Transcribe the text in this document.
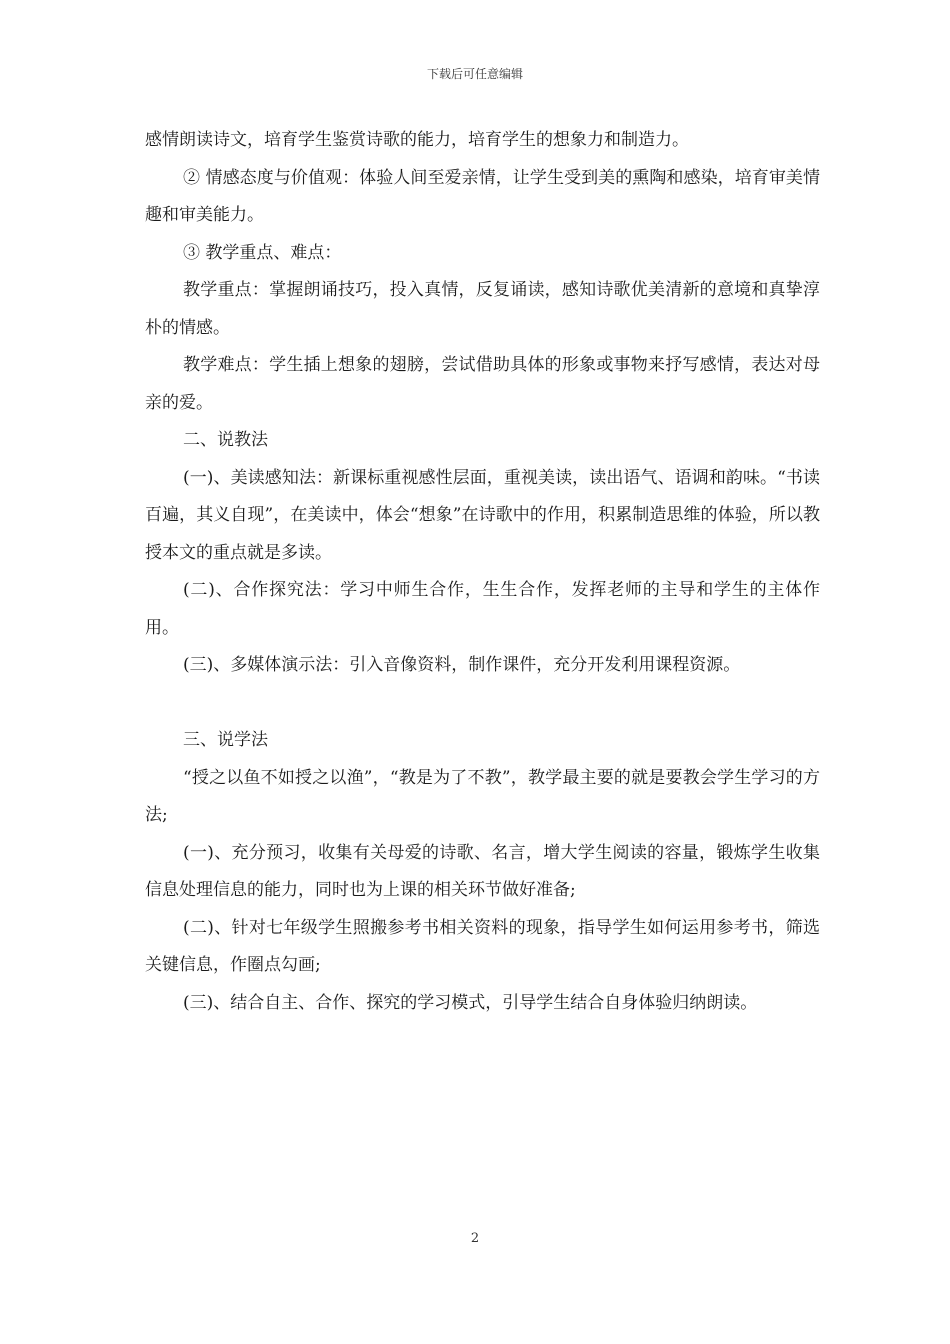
下载后可任意编辑

感情朗读诗文，培育学生鉴赏诗歌的能力，培育学生的想象力和制造力。

② 情感态度与价值观：体验人间至爱亲情，让学生受到美的熏陶和感染，培育审美情趣和审美能力。

③ 教学重点、难点：

教学重点：掌握朗诵技巧，投入真情，反复诵读，感知诗歌优美清新的意境和真挚淳朴的情感。

教学难点：学生插上想象的翅膀，尝试借助具体的形象或事物来抒写感情，表达对母亲的爱。

二、说教法

(一)、美读感知法：新课标重视感性层面，重视美读，读出语气、语调和韵味。“书读百遍，其义自现”，在美读中，体会“想象”在诗歌中的作用，积累制造思维的体验，所以教授本文的重点就是多读。

(二)、合作探究法：学习中师生合作，生生合作，发挥老师的主导和学生的主体作用。

(三)、多媒体演示法：引入音像资料，制作课件，充分开发利用课程资源。

三、说学法

“授之以鱼不如授之以渔”，“教是为了不教”，教学最主要的就是要教会学生学习的方法;

(一)、充分预习，收集有关母爱的诗歌、名言，增大学生阅读的容量，锻炼学生收集信息处理信息的能力，同时也为上课的相关环节做好准备;

(二)、针对七年级学生照搬参考书相关资料的现象，指导学生如何运用参考书，筛选关键信息，作圈点勾画;

(三)、结合自主、合作、探究的学习模式，引导学生结合自身体验归纳朗读。

2
